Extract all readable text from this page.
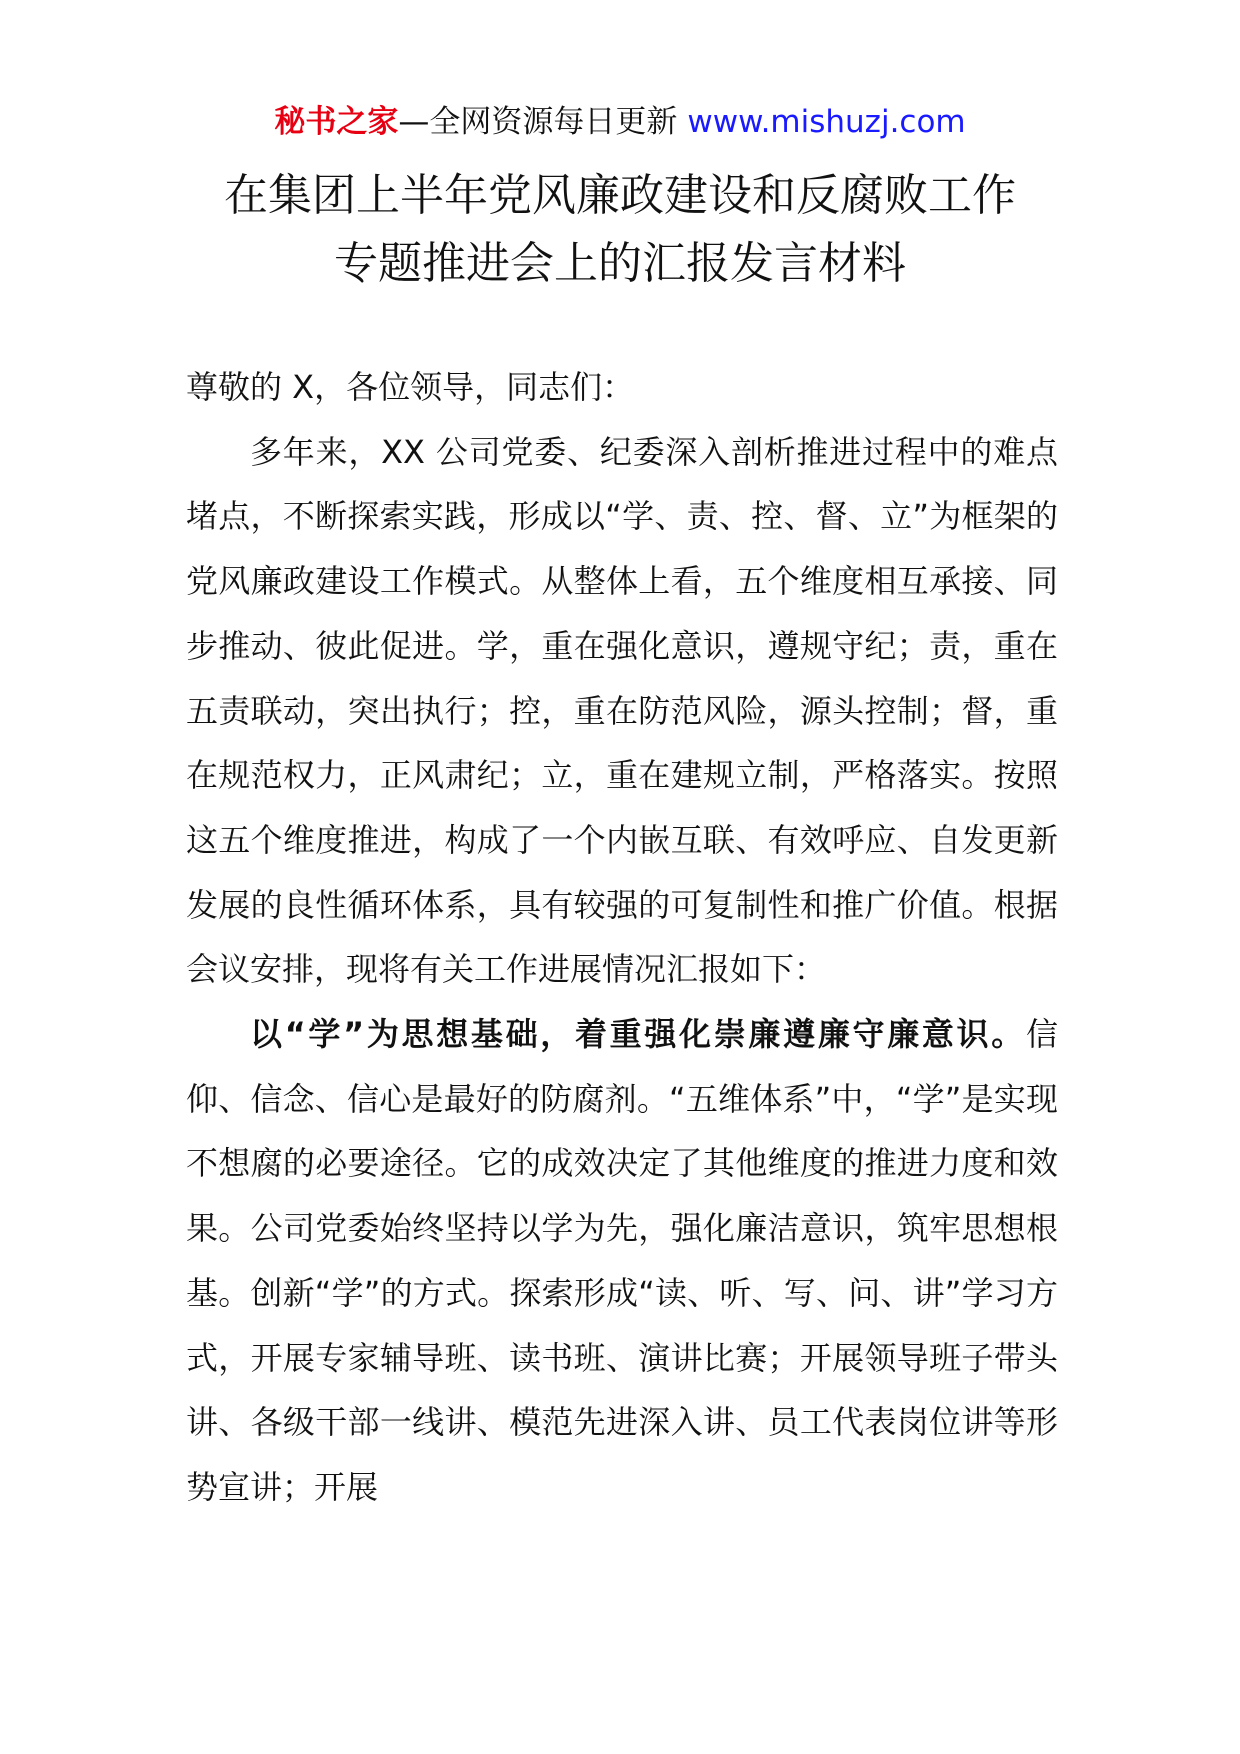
秘书之家—全网资源每日更新 www.mishuzj.com
在集团上半年党风廉政建设和反腐败工作
专题推进会上的汇报发言材料

尊敬的 X，各位领导，同志们：

多年来，XX 公司党委、纪委深入剖析推进过程中的难点堵点，不断探索实践，形成以“学、责、控、督、立”为框架的党风廉政建设工作模式。从整体上看，五个维度相互承接、同步推动、彼此促进。学，重在强化意识，遵规守纪；责，重在五责联动，突出执行；控，重在防范风险，源头控制；督，重在规范权力，正风肃纪；立，重在建规立制，严格落实。按照这五个维度推进，构成了一个内嵌互联、有效呼应、自发更新发展的良性循环体系，具有较强的可复制性和推广价值。根据会议安排，现将有关工作进展情况汇报如下：

以“学”为思想基础，着重强化崇廉遵廉守廉意识。信仰、信念、信心是最好的防腐剂。“五维体系”中，“学”是实现不想腐的必要途径。它的成效决定了其他维度的推进力度和效果。公司党委始终坚持以学为先，强化廉洁意识，筑牢思想根基。创新“学”的方式。探索形成“读、听、写、问、讲”学习方式，开展专家辅导班、读书班、演讲比赛；开展领导班子带头讲、各级干部一线讲、模范先进深入讲、员工代表岗位讲等形势宣讲；开展
